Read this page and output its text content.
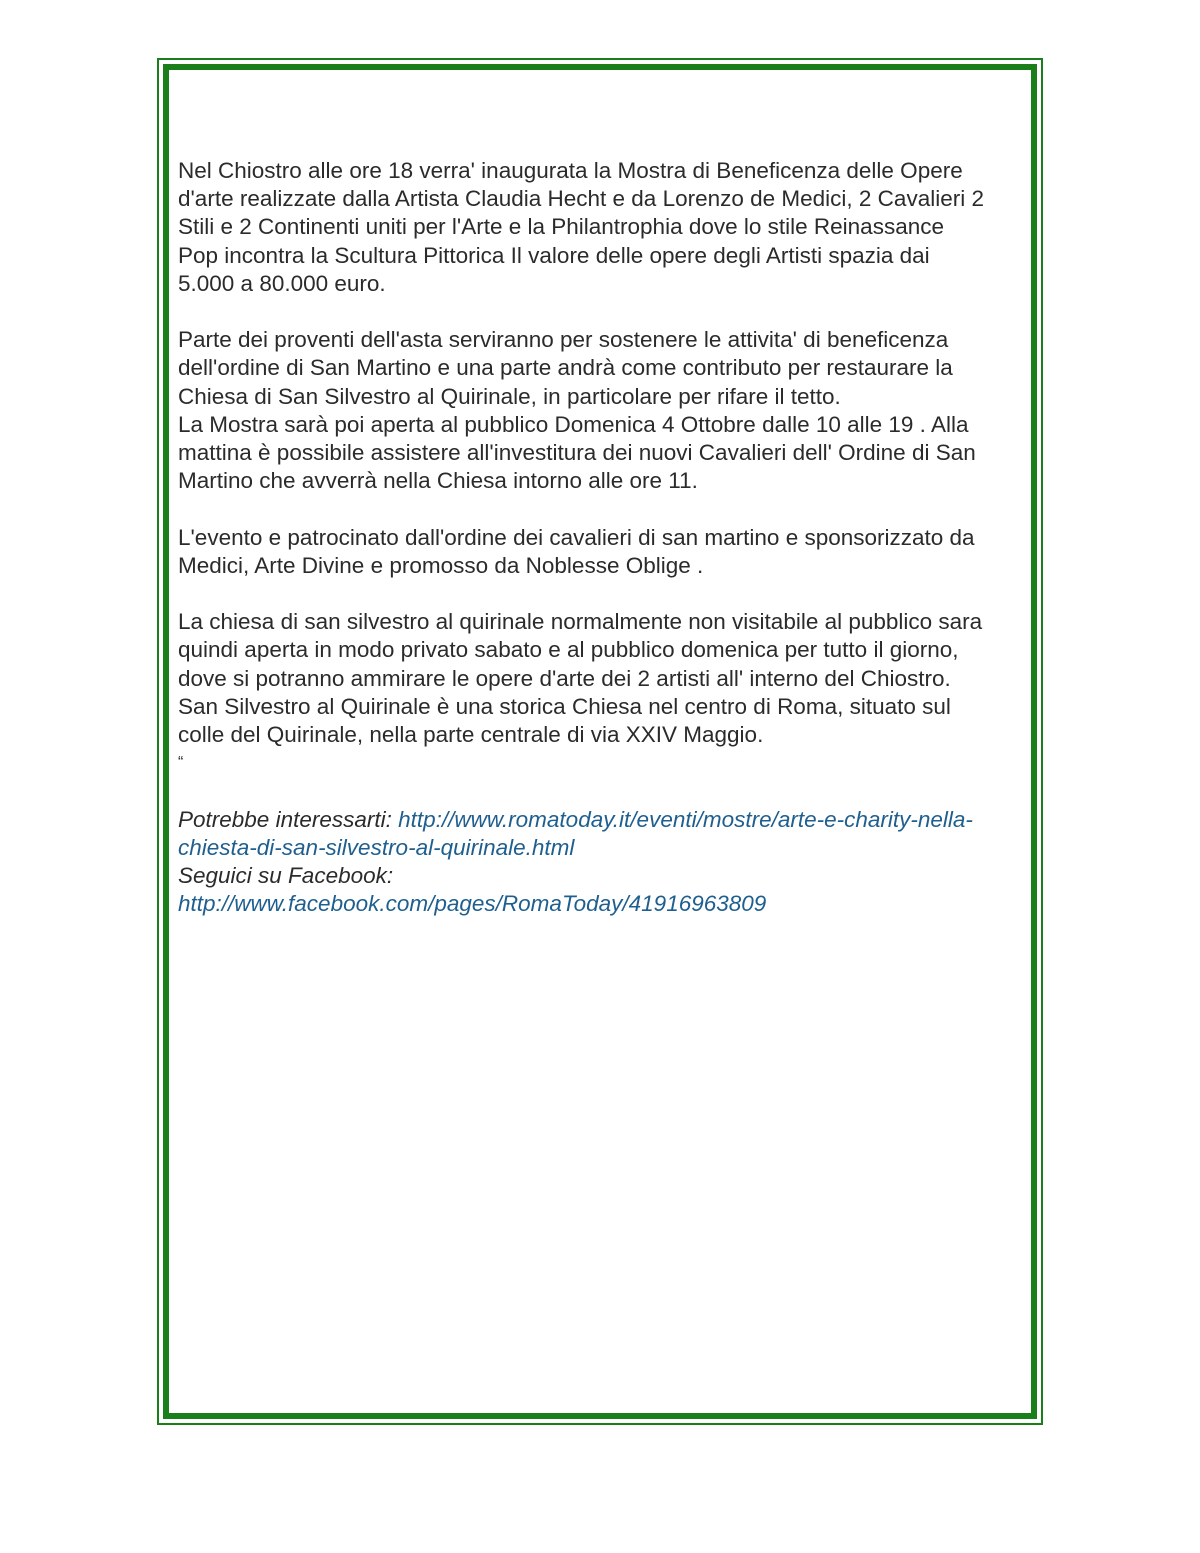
Nel Chiostro alle ore 18 verra' inaugurata la Mostra di Beneficenza delle Opere
d'arte realizzate dalla Artista Claudia Hecht e da Lorenzo de Medici, 2 Cavalieri 2
Stili e 2 Continenti uniti per l'Arte e la Philantrophia dove lo stile Reinassance
Pop incontra la Scultura Pittorica Il valore delle opere degli Artisti spazia dai
5.000 a 80.000 euro.

Parte dei proventi dell'asta serviranno per sostenere le attivita' di beneficenza
dell'ordine di San Martino e una parte andrà come contributo per restaurare la
Chiesa di San Silvestro al Quirinale, in particolare per rifare il tetto.
La Mostra sarà poi aperta al pubblico Domenica 4 Ottobre dalle 10 alle 19 . Alla
mattina è possibile assistere all'investitura dei nuovi Cavalieri dell' Ordine di San
Martino che avverrà nella Chiesa intorno alle ore 11.

L'evento e patrocinato dall'ordine dei cavalieri di san martino e sponsorizzato da
Medici, Arte Divine e promosso da Noblesse Oblige .

La chiesa di san silvestro al quirinale normalmente non visitabile al pubblico sara
quindi aperta in modo privato sabato e al pubblico domenica per tutto il giorno,
dove si potranno ammirare le opere d'arte dei 2 artisti all' interno del Chiostro.
San Silvestro al Quirinale è una storica Chiesa nel centro di Roma, situato sul
colle del Quirinale, nella parte centrale di via XXIV Maggio.

“

Potrebbe interessarti: http://www.romatoday.it/eventi/mostre/arte-e-charity-nella-

chiesta-di-san-silvestro-al-quirinale.html

Seguici su Facebook:

http://www.facebook.com/pages/RomaToday/41916963809
